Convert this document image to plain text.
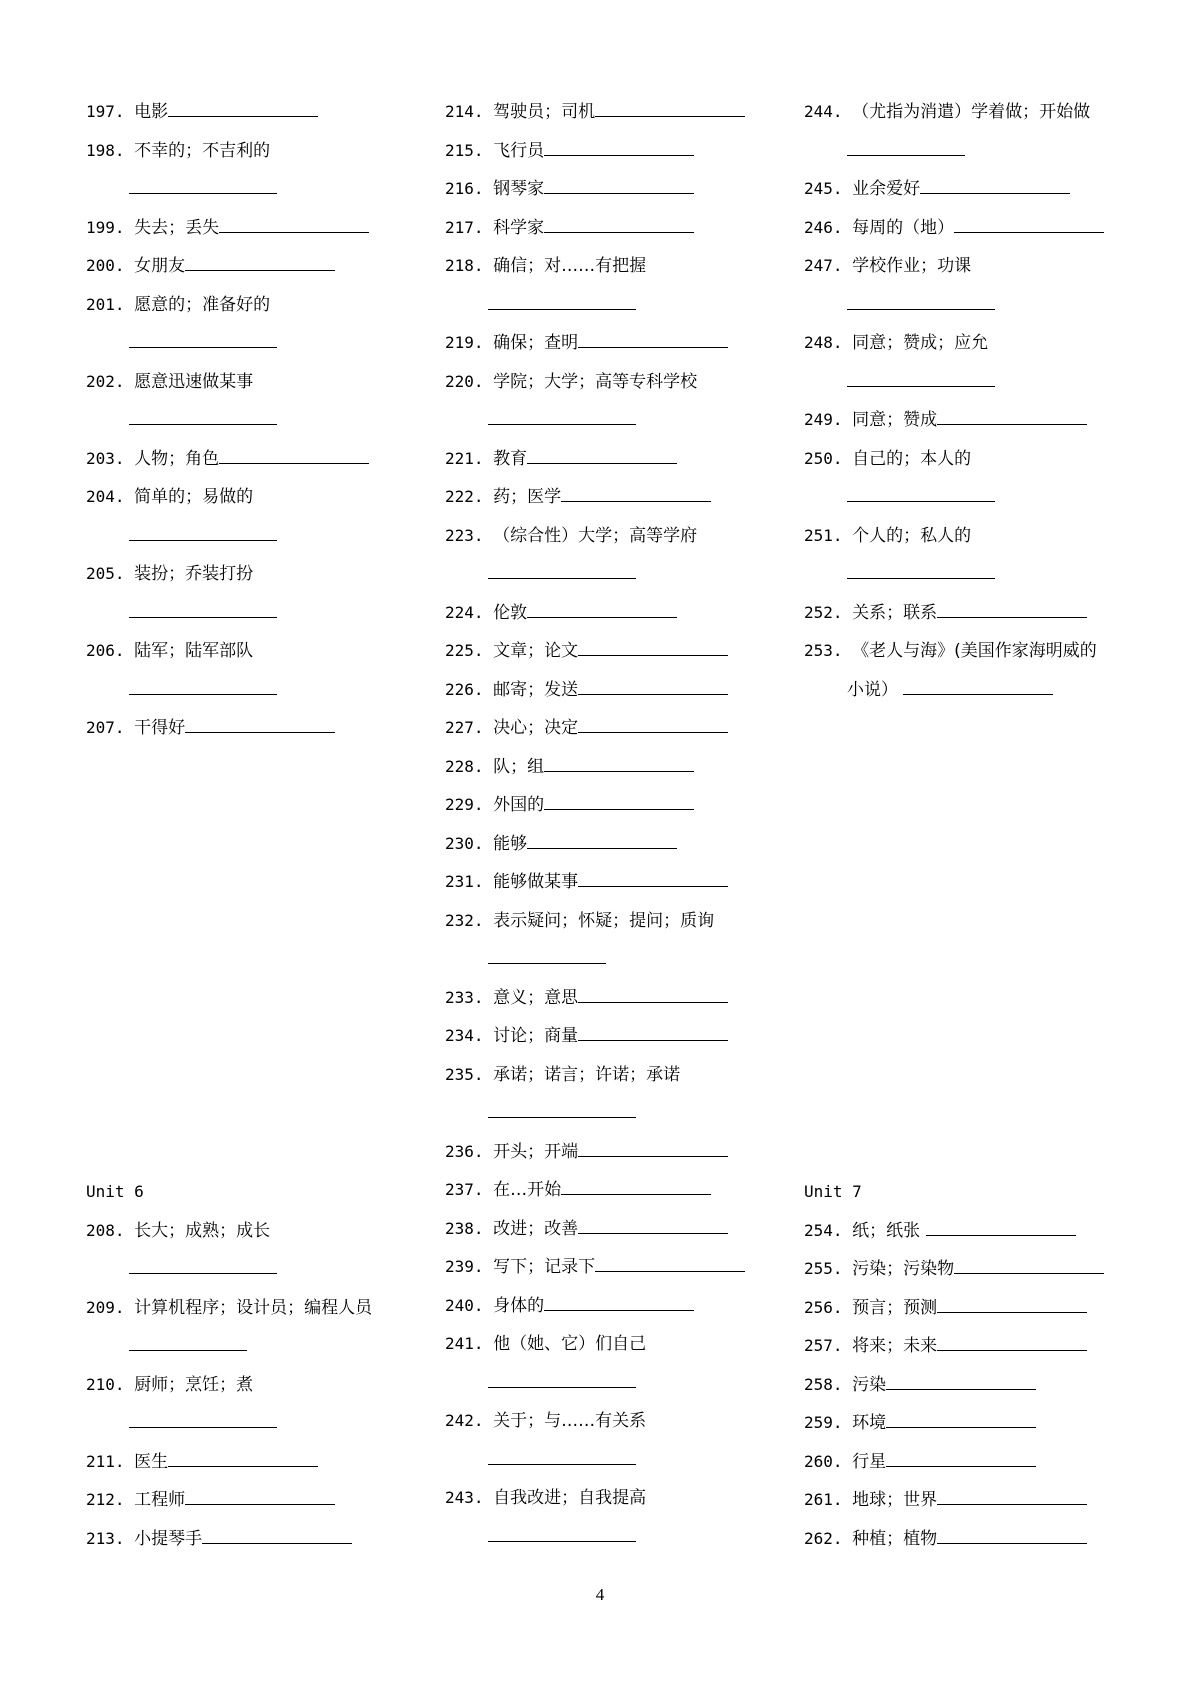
197. 电影
198. 不幸的；不吉利的
199. 失去；丢失
200. 女朋友
201. 愿意的；准备好的
202. 愿意迅速做某事
203. 人物；角色
204. 简单的；易做的
205. 装扮；乔装打扮
206. 陆军；陆军部队
207. 干得好
Unit 6
208. 长大；成熟；成长
209. 计算机程序；设计员；编程人员
210. 厨师；烹饪；煮
211. 医生
212. 工程师
213. 小提琴手
214. 驾驶员；司机
215. 飞行员
216. 钢琴家
217. 科学家
218. 确信；对……有把握
219. 确保；查明
220. 学院；大学；高等专科学校
221. 教育
222. 药；医学
223. （综合性）大学；高等学府
224. 伦敦
225. 文章；论文
226. 邮寄；发送
227. 决心；决定
228. 队；组
229. 外国的
230. 能够
231. 能够做某事
232. 表示疑问；怀疑；提问；质询
233. 意义；意思
234. 讨论；商量
235. 承诺；诺言；许诺；承诺
236. 开头；开端
237. 在…开始
238. 改进；改善
239. 写下；记录下
240. 身体的
241. 他（她、它）们自己
242. 关于；与……有关系
243. 自我改进；自我提高
244. （尤指为消遣）学着做；开始做
245. 业余爱好
246. 每周的（地）
247. 学校作业；功课
248. 同意；赞成；应允
249. 同意；赞成
250. 自己的；本人的
251. 个人的；私人的
252. 关系；联系
253. 《老人与海》(美国作家海明威的
小说）
Unit 7
254. 纸；纸张
255. 污染；污染物
256. 预言；预测
257. 将来；未来
258. 污染
259. 环境
260. 行星
261. 地球；世界
262. 种植；植物
4
